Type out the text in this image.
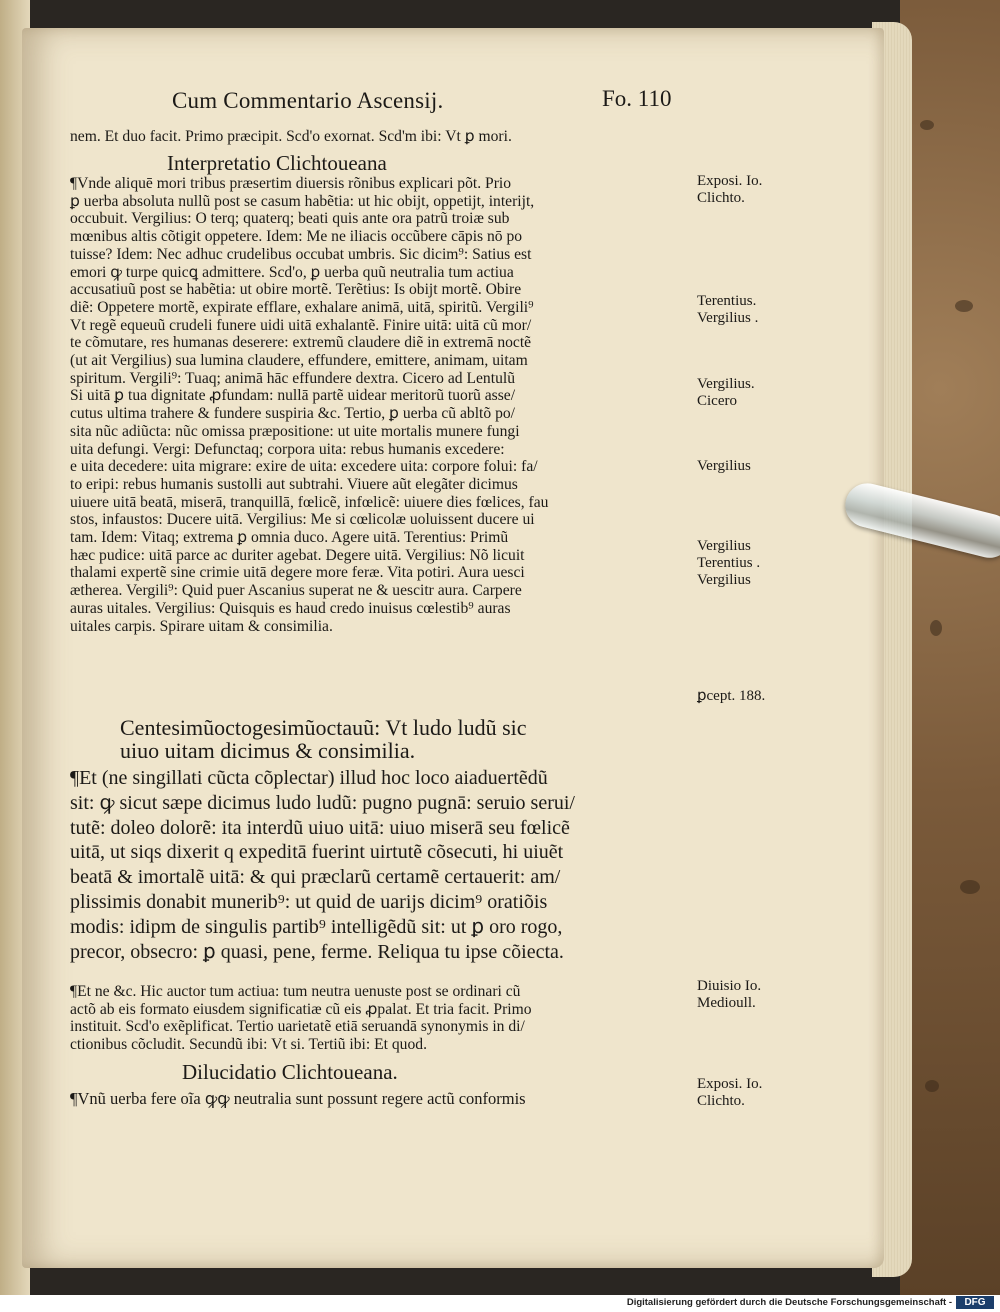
Cum Commentario Ascensij.	Fo. 110

nem. Et duo facit. Primo præcipit. Scd'o exornat. Scd'm ibi: Vt ꝑ mori.

Interpretatio Clichtoueana

¶Vnde aliquē mori tribus præsertim diuersis rõnibus explicari põt. Prio
ꝑ uerba absoluta nullũ post se casum habẽtia: ut hic obijt, oppetijt, interijt,
occubuit. Vergilius: O terq; quaterq; beati quis ante ora patrũ troiæ sub
mœnibus altis cõtigit oppetere. Idem: Me ne iliacis occũbere cāpis nō po
tuisse? Idem: Nec adhuc crudelibus occubat umbris. Sic dicim⁹: Satius est
emori ꝙ turpe quicꝗ admittere. Scd'o, ꝑ uerba quũ neutralia tum actiua
accusatiuũ post se habẽtia: ut obire mortẽ. Terẽtius: Is obijt mortẽ. Obire
diẽ: Oppetere mortẽ, expirate efflare, exhalare animā, uitā, spiritũ. Vergili⁹
Vt regẽ equeuũ crudeli funere uidi uitā exhalantẽ. Finire uitā: uitā cũ mor/
te cõmutare, res humanas deserere: extremũ claudere diẽ in extremā noctẽ
(ut ait Vergilius) sua lumina claudere, effundere, emittere, animam, uitam
spiritum. Vergili⁹: Tuaq; animā hāc effundere dextra. Cicero ad Lentulũ
Si uitā ꝑ tua dignitate ꝓfundam: nullā partẽ uidear meritorũ tuorũ asse/
cutus ultima trahere & fundere suspiria &c. Tertio, ꝑ uerba cũ abltõ po/
sita nũc adiũcta: nũc omissa præpositione: ut uite mortalis munere fungi
uita defungi. Vergi: Defunctaq; corpora uita: rebus humanis excedere:
e uita decedere: uita migrare: exire de uita: excedere uita: corpore folui: fa/
to eripi: rebus humanis sustolli aut subtrahi. Viuere aũt elegãter dicimus
uiuere uitā beatā, miserā, tranquillā, fœlicẽ, infœlicẽ: uiuere dies fœlices, fau
stos, infaustos: Ducere uitā. Vergilius: Me si cœlicolæ uoluissent ducere ui
tam. Idem: Vitaq; extrema ꝑ omnia duco. Agere uitā. Terentius: Primũ
hæc pudice: uitā parce ac duriter agebat. Degere uitā. Vergilius: Nõ licuit
thalami expertẽ sine crimie uitā degere more feræ. Vita potiri. Aura uesci
ætherea. Vergili⁹: Quid puer Ascanius superat ne & uescitr aura. Carpere
auras uitales. Vergilius: Quisquis es haud credo inuisus cœlestib⁹ auras
uitales carpis. Spirare uitam & consimilia.

Exposi. Io.
Clichto.

Terentius.
Vergilius .

Vergilius.
Cicero

Vergilius

Vergilius
Terentius .
Vergilius

ꝑcept. 188.

Centesimũoctogesimũoctauũ: Vt ludo ludũ sic
uiuo uitam dicimus & consimilia.

¶Et (ne singillati cũcta cõplectar) illud hoc loco aiaduertẽdũ
sit: ꝙ sicut sæpe dicimus ludo ludũ: pugno pugnā: seruio serui/
tutẽ: doleo dolorẽ: ita interdũ uiuo uitā: uiuo miserā seu fœlicẽ
uitā, ut siqs dixerit q expeditā fuerint uirtutẽ cõsecuti, hi uiuẽt
beatā & imortalẽ uitā: & qui præclarũ certamẽ certauerit: am/
plissimis donabit munerib⁹: ut quid de uarijs dicim⁹ oratiõis
modis: idipm de singulis partib⁹ intelligẽdũ sit: ut ꝑ oro rogo,
precor, obsecro: ꝑ quasi, pene, ferme. Reliqua tu ipse cõiecta.

Diuisio Io.
Medioull.

¶Et ne &c. Hic auctor tum actiua: tum neutra uenuste post se ordinari cũ
actõ ab eis formato eiusdem significatiæ cũ eis ꝓpalat. Et tria facit. Primo
instituit. Scd'o exẽplificat. Tertio uarietatẽ etiā seruandā synonymis in di/
ctionibus cõcludit. Secundũ ibi: Vt si. Tertiũ ibi: Et quod.

Dilucidatio Clichtoueana.	Exposi. Io.
Clichto.

¶Vnũ uerba fere oĩa ꝙꝙ neutralia sunt possunt regere actũ conformis

Digitalisierung gefördert durch die Deutsche Forschungsgemeinschaft -	DFG
